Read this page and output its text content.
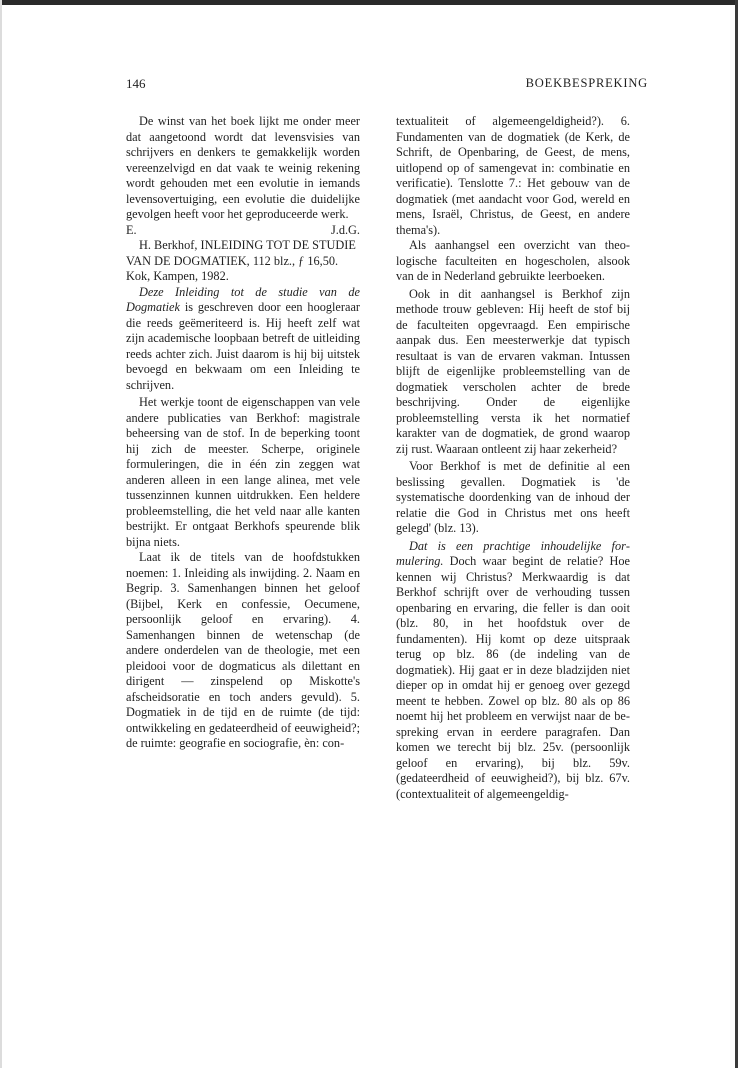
146	BOEKBESPREKING

De winst van het boek lijkt me onder meer dat aangetoond wordt dat levensvisies van schrijvers en denkers te gemakkelijk worden vereenzelvigd en dat vaak te weinig rekening wordt gehouden met een evolutie in iemands levensovertuiging, een evolutie die duidelijke gevolgen heeft voor het geproduceerde werk.

E.	J.d.G.

H. Berkhof, INLEIDING TOT DE STUDIE VAN DE DOGMATIEK, 112 blz., ƒ 16,50. Kok, Kampen, 1982.

Deze Inleiding tot de studie van de Dogmatiek is geschreven door een hoogleraar die reeds geëmeriteerd is. Hij heeft zelf wat zijn academische loopbaan betreft de uitleiding reeds achter zich. Juist daarom is hij bij uitstek bevoegd en bekwaam om een Inleiding te schrijven.

Het werkje toont de eigenschappen van vele andere publicaties van Berkhof: magistrale beheersing van de stof. In de beperking toont hij zich de meester. Scherpe, originele formuleringen, die in één zin zeggen wat anderen alleen in een lange alinea, met vele tussenzinnen kunnen uitdrukken. Een heldere probleemstelling, die het veld naar alle kanten bestrijkt. Er ontgaat Berkhofs speurende blik bijna niets.

Laat ik de titels van de hoofdstukken noemen: 1. Inleiding als inwijding. 2. Naam en Begrip. 3. Samenhangen binnen het geloof (Bijbel, Kerk en confessie, Oecumene, persoonlijk geloof en ervaring). 4. Samenhangen binnen de wetenschap (de andere onderdelen van de theologie, met een pleidooi voor de dogmaticus als dilettant en dirigent — zinspelend op Miskotte's afscheidsoratie en toch anders gevuld). 5. Dogmatiek in de tijd en de ruimte (de tijd: ontwikkeling en gedateerdheid of eeuwigheid?; de ruimte: geografie en sociografie, èn: con-

textualiteit of algemeengeldigheid?). 6. Fundamenten van de dogmatiek (de Kerk, de Schrift, de Openbaring, de Geest, de mens, uitlopend op of samengevat in: combinatie en verificatie). Tenslotte 7.: Het gebouw van de dogmatiek (met aandacht voor God, wereld en mens, Israël, Christus, de Geest, en andere thema's).

Als aanhangsel een overzicht van theologische faculteiten en hogescholen, alsook van de in Nederland gebruikte leerboeken.

Ook in dit aanhangsel is Berkhof zijn methode trouw gebleven: Hij heeft de stof bij de faculteiten opgevraagd. Een empirische aanpak dus. Een meesterwerkje dat typisch resultaat is van de ervaren vakman. Intussen blijft de eigenlijke probleemstelling van de dogmatiek verscholen achter de brede beschrijving. Onder de eigenlijke probleemstelling versta ik het normatief karakter van de dogmatiek, de grond waarop zij rust. Waaraan ontleent zij haar zekerheid?

Voor Berkhof is met de definitie al een beslissing gevallen. Dogmatiek is 'de systematische doordenking van de inhoud der relatie die God in Christus met ons heeft gelegd' (blz. 13).

Dat is een prachtige inhoudelijke formulering. Doch waar begint de relatie? Hoe kennen wij Christus? Merkwaardig is dat Berkhof schrijft over de verhouding tussen openbaring en ervaring, die feller is dan ooit (blz. 80, in het hoofdstuk over de fundamenten). Hij komt op deze uitspraak terug op blz. 86 (de indeling van de dogmatiek). Hij gaat er in deze bladzijden niet dieper op in omdat hij er genoeg over gezegd meent te hebben. Zowel op blz. 80 als op 86 noemt hij het probleem en verwijst naar de bespreking ervan in eerdere paragrafen. Dan komen we terecht bij blz. 25v. (persoonlijk geloof en ervaring), bij blz. 59v. (gedateerdheid of eeuwigheid?), bij blz. 67v. (contextualiteit of algemeengeldig-
